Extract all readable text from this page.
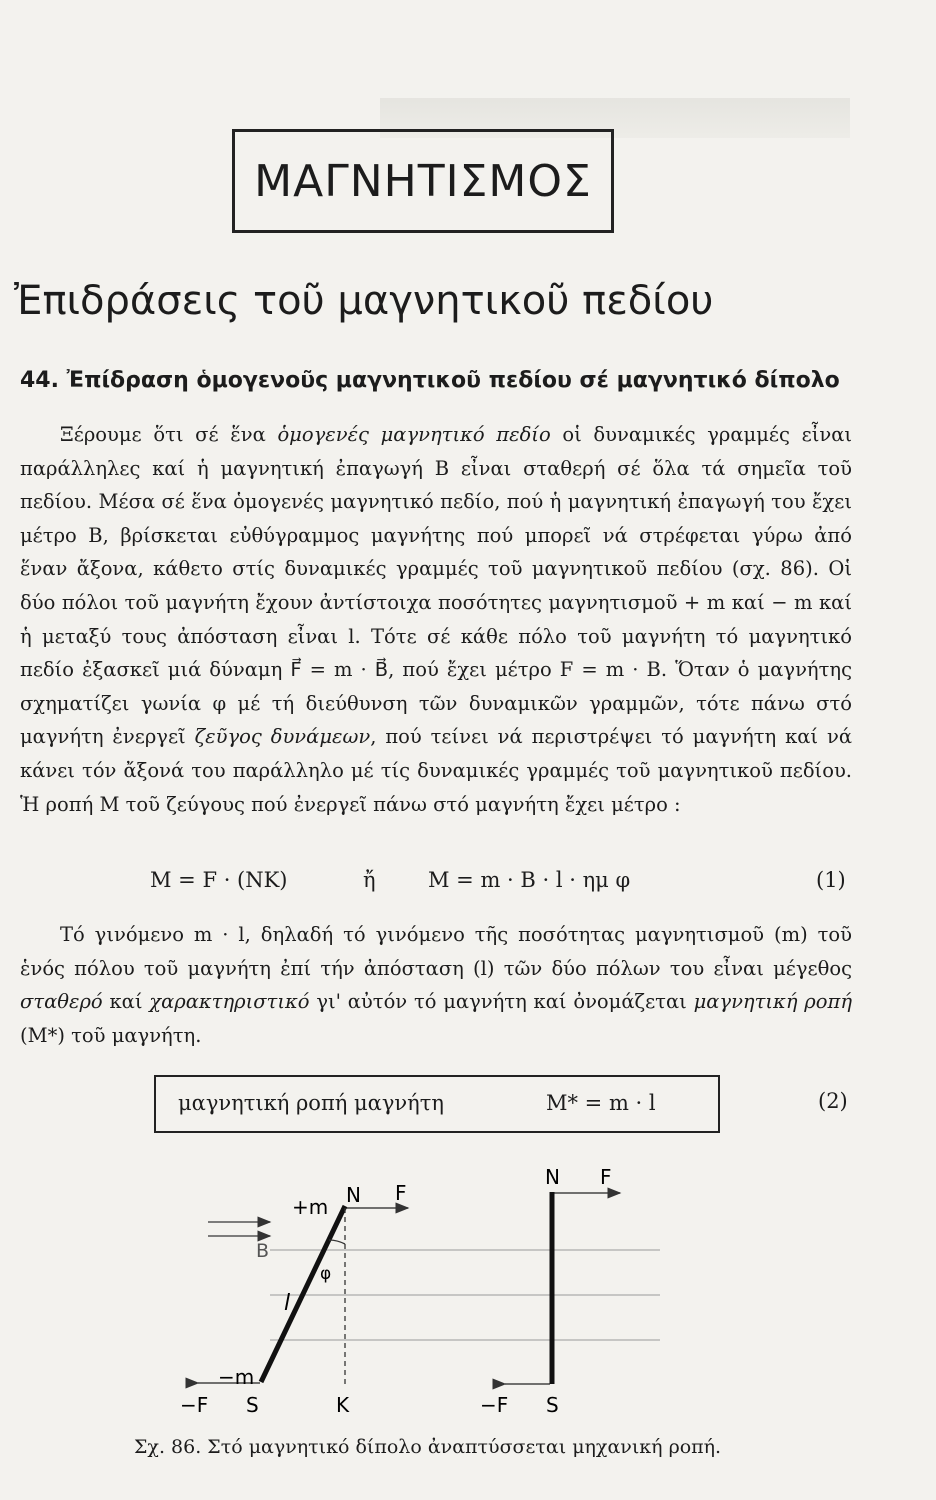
ΜΑΓΝΗΤΙΣΜΟΣ
Ἐπιδράσεις τοῦ μαγνητικοῦ πεδίου
44. Ἐπίδραση ὁμογενοῦς μαγνητικοῦ πεδίου σέ μαγνητικό δίπολο
Ξέρουμε ὅτι σέ ἕνα ὁμογενές μαγνητικό πεδίο οἱ δυναμικές γραμμές εἶναι παράλληλες καί ἡ μαγνητική ἐπαγωγή B εἶναι σταθερή σέ ὅλα τά σημεῖα τοῦ πεδίου. Μέσα σέ ἕνα ὁμογενές μαγνητικό πεδίο, πού ἡ μαγνητική ἐπαγωγή του ἔχει μέτρο B, βρίσκεται εὐθύγραμμος μαγνήτης πού μπορεῖ νά στρέφεται γύρω ἀπό ἕναν ἄξονα, κάθετο στίς δυναμικές γραμμές τοῦ μαγνητικοῦ πεδίου (σχ. 86). Οἱ δύο πόλοι τοῦ μαγνήτη ἔχουν ἀντίστοιχα ποσότητες μαγνητισμοῦ + m καί − m καί ἡ μεταξύ τους ἀπόσταση εἶναι l. Τότε σέ κάθε πόλο τοῦ μαγνήτη τό μαγνητικό πεδίο ἐξασκεῖ μιά δύναμη F⃗ = m · B⃗, πού ἔχει μέτρο F = m · B. Ὅταν ὁ μαγνήτης σχηματίζει γωνία φ μέ τή διεύθυνση τῶν δυναμικῶν γραμμῶν, τότε πάνω στό μαγνήτη ἐνεργεῖ ζεῦγος δυνάμεων, πού τείνει νά περιστρέψει τό μαγνήτη καί νά κάνει τόν ἄξονά του παράλληλο μέ τίς δυναμικές γραμμές τοῦ μαγνητικοῦ πεδίου. Ἡ ροπή M τοῦ ζεύγους πού ἐνεργεῖ πάνω στό μαγνήτη ἔχει μέτρο :
M = F · (NK)	ἤ M = m · B · l · ημ φ	(1)
Τό γινόμενο m · l, δηλαδή τό γινόμενο τῆς ποσότητας μαγνητισμοῦ (m) τοῦ ἑνός πόλου τοῦ μαγνήτη ἐπί τήν ἀπόσταση (l) τῶν δύο πόλων του εἶναι μέγεθος σταθερό καί χαρακτηριστικό γι' αὐτόν τό μαγνήτη καί ὀνομάζεται μαγνητική ροπή (M*) τοῦ μαγνήτη.
μαγνητική ροπή μαγνήτη	M* = m · l	(2)
+m N F
B
l
φ
−m
−F S	K
N F
−F S
Σχ. 86. Στό μαγνητικό δίπολο ἀναπτύσσεται μηχανική ροπή.
